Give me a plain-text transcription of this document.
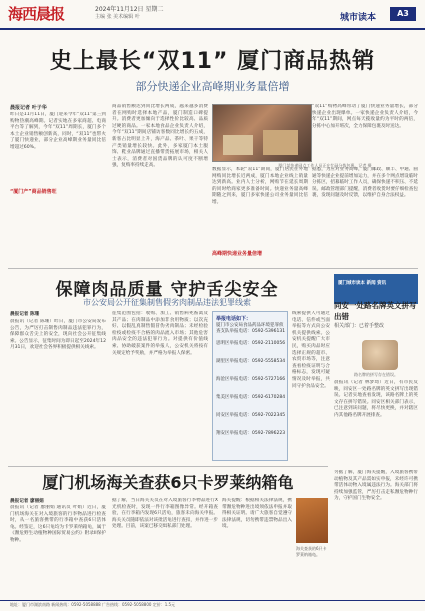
海西晨报	2024年11月12日 星期二
主编 张 美术编辑 叶	城市读本	A3
史上最长“双11” 厦门商品热销
部分快递企业高峰期业务量倍增
晨报记者 叶子华
昨日是11月11日，厦门迎来今年“双11”第三到购物热潮高峰期。记者实地在多家商超、电商平台等了解到，今年“双11”周期长，厦门多个本土企业销售额创新高，同时，“双11”也带火了厦门快递业，部分企业高峰期业务量同比倍增超过60%。
“厦门产”商品销售旺
商品销售额达到同比增长两成，越来越多消费者在网购时选择本地产品，厦门制造口碑提升。消费者更加倾向于选择性价比较高、品质过硬的商品。一家本地食品企业负责人介绍，今年“双11”期间店铺访客数同比增长约五成，新客占比明显上升，海产品、茶叶、果干等特产类销量增长较快。此外，多家厦门本土服饰、鞋业品牌通过直播带货拓展市场，相关人士表示，消费者对国货品牌的认可度不断增强，复购率持续走高。	厦门某快递网点工作人员正在忙碌分拣包裹。记者 摄
数据显示，本轮“双11”期间，厦门居民在外地网购同比增长近两成，厦门本地企业线上销量达到新高。业内人士分析，网购节在延长周期的同时给商家更多准备时间。快递业务量高峰期随之到来，厦门多家快递公司业务量同比倍增。
高峰期快递业务量倍增
“双11”购物高峰带动了厦门快递业务量增长，部分快递企业出现爆单。一家快递企业负责人介绍，今年“双11”期间，网点每天揽收量约为平时的两倍，分拣中心加开班次，全力保障包裹及时送达。
据悉，为应对业务高峰，厦门邮政、顺丰、中通、圆通等快递企业提前增加运力，并在多个网点增设临时分拣区，招募临时工作人员，确保快递不积压、不延误。邮政管理部门提醒，消费者收货时要仔细检查包裹，发现问题及时反馈，以维护自身合法权益。
保障肉品质量 守护舌尖安全
市公安局公开征集制售假劣肉制品违法犯罪线索
晨报记者 陈珊
晨报讯（记者 陈珊）昨日，厦门市公安局发布公告，为严厉打击制售肉制品违法犯罪行为，保障群众舌尖上的安全，现向社会公开征集线索。公告显示，征集时间为即日起至2024年12月31日，欢迎社会各界积极提供相关线索。
征集范围包括：收购、加工、销售病死畜禽及其产品；在肉制品中添加非食用物质；以次充好、以假乱真制售假冒伪劣肉制品；未经检验检疫或检疫不合格的肉品流入市场；其他危害肉品安全的违法犯罪行为。对提供有价值线索、协助破获案件的举报人，公安机关将按有关规定给予奖励，并严格为举报人保密。
举报电话如下：
厦门市公安局食品药品环境犯罪侦查支队举报电话：0592-5396131
思明区举报电话：0592-2110056
湖里区举报电话：0592-5558534
海沧区举报电话：0592-5727166
集美区举报电话：0592-6170284
同安区举报电话：0592-7022345
翔安区举报电话：0592-7896223
线索提供人可通过电话、信件或当面举报等方式向公安机关提供线索。公安机关提醒广大市民，购买肉品时应选择正规的超市、农贸市场等，注意查看检疫证明与合格标志，发现可疑情况及时举报，共同守护食品安全。
厦门城市读本 新闻 资讯
同安一处路名牌英文拼写出错
相关部门：已着手整改
路名牌的拼写存在错误。
晨报讯（记者 林梦琦）近日，有市民反映，同安区一处路名牌的英文拼写出现错误。记者实地查看发现，该路名牌上的英文存在拼写错误。同安区相关部门表示，已注意到该问题，将尽快更换，并对辖区内其他路名牌开展排查。
厦门机场海关查获6只卡罗莱纳箱龟
晨报记者 廖丽娟
晨报讯（记者 廖丽娟 通讯员 叶娟）近日，厦门机场海关在对入境旅客的行李物品进行检查时，从一名旅客携带的行李箱中查获6只活体龟。经鉴定，这6只龟均为卡罗莱纳箱龟，属于《濒危野生动植物种国际贸易公约》附录II保护物种。
据了解，当日海关关员在对入境旅客行李物品进行X光机检查时，发现一件行李箱图像异常。经开箱查验，在行李箱内发现6只活龟，旅客未向海关申报。海关关员随即依法对该批活龟进行查扣，并作进一步处理。目前，该案已移交缉私部门处理。
海关提醒：根据相关法律法规，携带濒危物种进出境须依法申报并取得相关证明。请广大旅客自觉遵守法律法规，切勿携带违禁物品出入境。
海关查获的6只卡罗莱纳箱龟。
另据了解，厦门海关提醒，入境旅客携带动植物及其产品需如实申报，未经许可携带活体动物入境属违法行为。海关部门将持续加强监管，严厉打击走私濒危物种行为，守护国门生物安全。
地址：厦门市湖滨南路 新闻热线：0592-5058888 广告热线：0592-5058800 定价：1.5元
